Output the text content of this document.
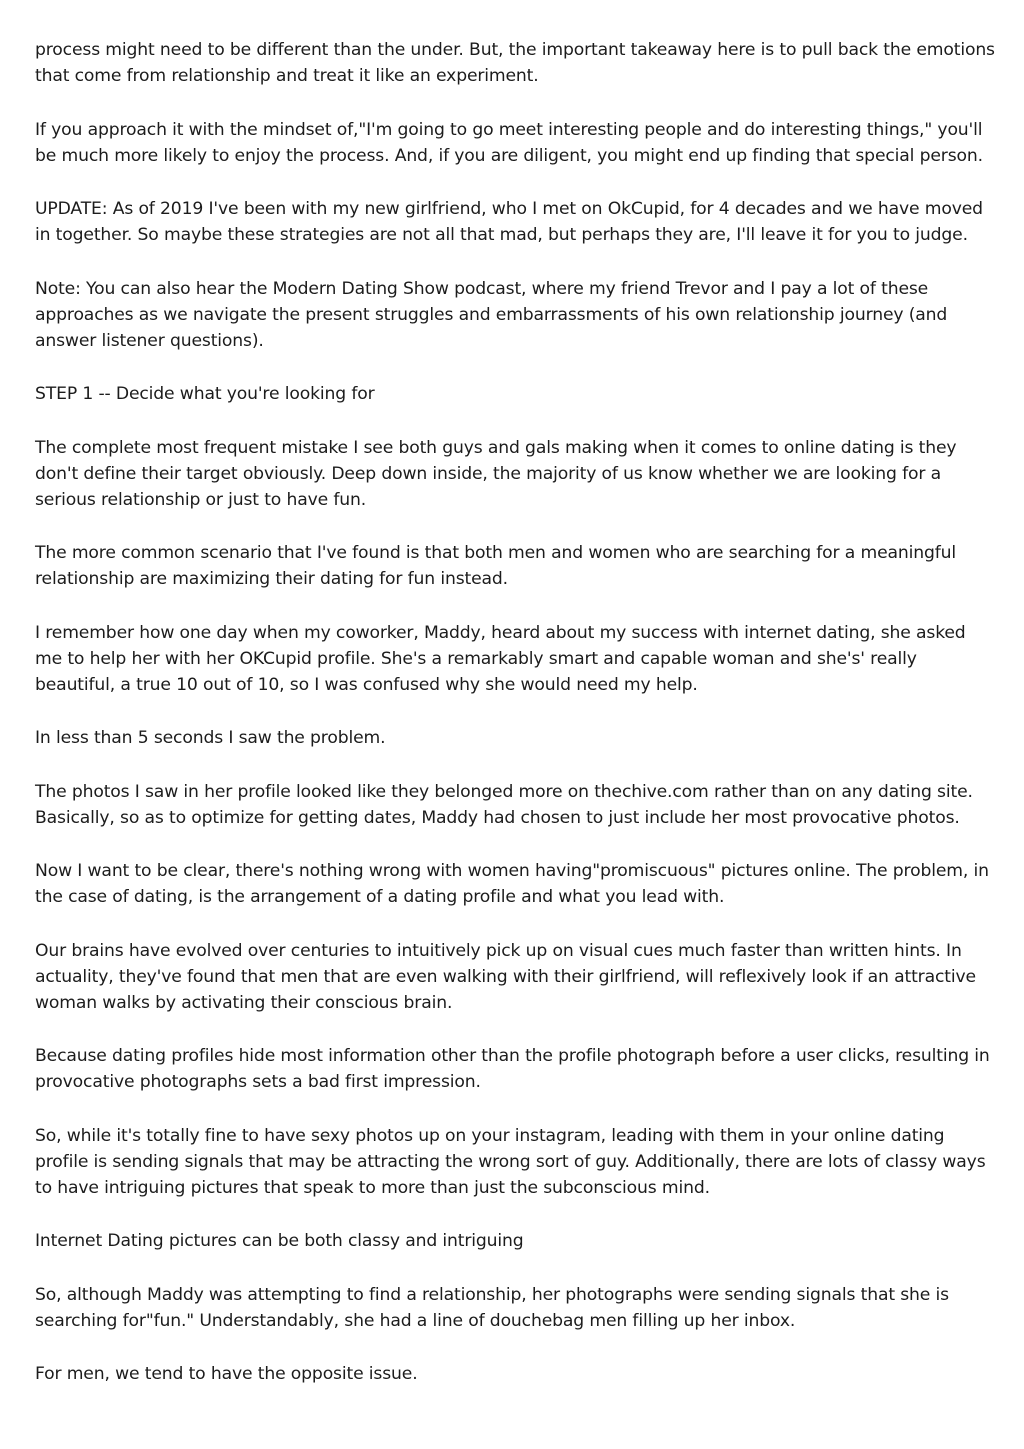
process might need to be different than the under. But, the important takeaway here is to pull back the emotions that come from relationship and treat it like an experiment.

If you approach it with the mindset of,"I'm going to go meet interesting people and do interesting things," you'll be much more likely to enjoy the process. And, if you are diligent, you might end up finding that special person.

UPDATE: As of 2019 I've been with my new girlfriend, who I met on OkCupid, for 4 decades and we have moved in together. So maybe these strategies are not all that mad, but perhaps they are, I'll leave it for you to judge.

Note: You can also hear the Modern Dating Show podcast, where my friend Trevor and I pay a lot of these approaches as we navigate the present struggles and embarrassments of his own relationship journey (and answer listener questions).

STEP 1 -- Decide what you're looking for

The complete most frequent mistake I see both guys and gals making when it comes to online dating is they don't define their target obviously. Deep down inside, the majority of us know whether we are looking for a serious relationship or just to have fun.

The more common scenario that I've found is that both men and women who are searching for a meaningful relationship are maximizing their dating for fun instead.

I remember how one day when my coworker, Maddy, heard about my success with internet dating, she asked me to help her with her OKCupid profile. She's a remarkably smart and capable woman and she's' really beautiful, a true 10 out of 10, so I was confused why she would need my help.

In less than 5 seconds I saw the problem.

The photos I saw in her profile looked like they belonged more on thechive.com rather than on any dating site. Basically, so as to optimize for getting dates, Maddy had chosen to just include her most provocative photos.

Now I want to be clear, there's nothing wrong with women having"promiscuous" pictures online. The problem, in the case of dating, is the arrangement of a dating profile and what you lead with.

Our brains have evolved over centuries to intuitively pick up on visual cues much faster than written hints. In actuality, they've found that men that are even walking with their girlfriend, will reflexively look if an attractive woman walks by activating their conscious brain.

Because dating profiles hide most information other than the profile photograph before a user clicks, resulting in provocative photographs sets a bad first impression.

So, while it's totally fine to have sexy photos up on your instagram, leading with them in your online dating profile is sending signals that may be attracting the wrong sort of guy. Additionally, there are lots of classy ways to have intriguing pictures that speak to more than just the subconscious mind.

Internet Dating pictures can be both classy and intriguing

So, although Maddy was attempting to find a relationship, her photographs were sending signals that she is searching for"fun." Understandably, she had a line of douchebag men filling up her inbox.

For men, we tend to have the opposite issue.
